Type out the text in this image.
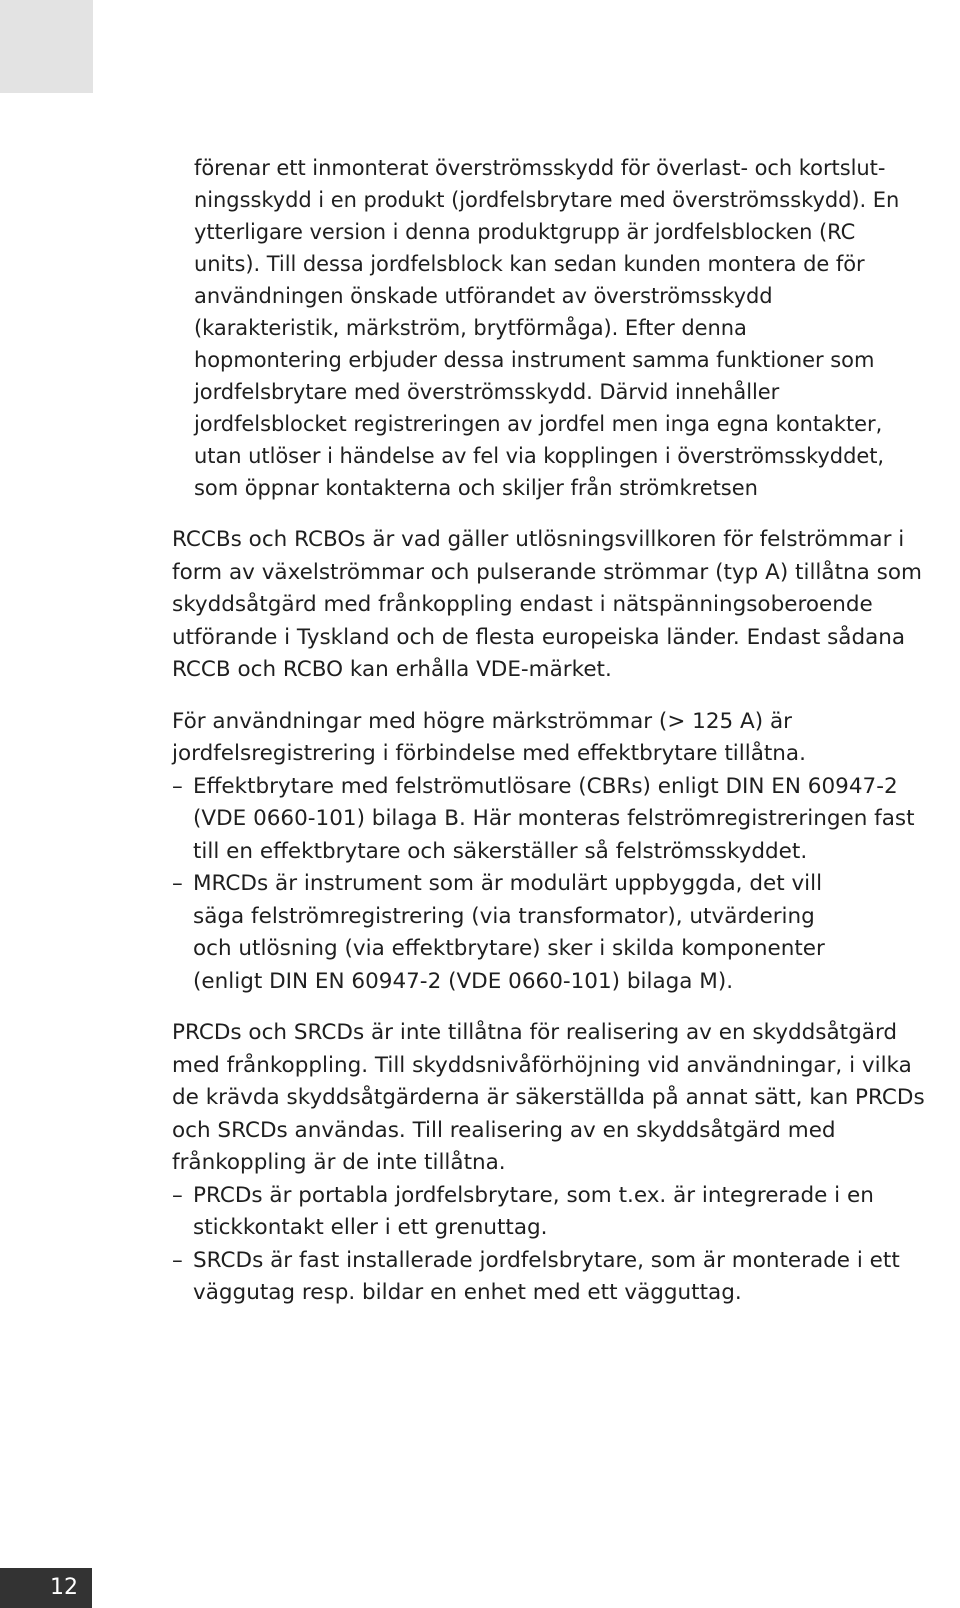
förenar ett inmonterat överströmsskydd för överlast- och kortslut-
ningsskydd i en produkt (jordfelsbrytare med överströmsskydd). En
ytterligare version i denna produktgrupp är jordfelsblocken (RC
units). Till dessa jordfelsblock kan sedan kunden montera de för
användningen önskade utförandet av överströmsskydd
(karakteristik, märkström, brytförmåga). Efter denna
hopmontering erbjuder dessa instrument samma funktioner som
jordfelsbrytare med överströmsskydd. Därvid innehåller
jordfelsblocket registreringen av jordfel men inga egna kontakter,
utan utlöser i händelse av fel via kopplingen i överströmsskyddet,
som öppnar kontakterna och skiljer från strömkretsen
RCCBs och RCBOs är vad gäller utlösningsvillkoren för felströmmar i
form av växelströmmar och pulserande strömmar (typ A) tillåtna som
skyddsåtgärd med frånkoppling endast i nätspänningsoberoende
utförande i Tyskland och de flesta europeiska länder. Endast sådana
RCCB och RCBO kan erhålla VDE-märket.
För användningar med högre märkströmmar (> 125 A) är
jordfelsregistrering i förbindelse med effektbrytare tillåtna.
– Effektbrytare med felströmutlösare (CBRs) enligt DIN EN 60947-2
(VDE 0660-101) bilaga B. Här monteras felströmregistreringen fast
till en effektbrytare och säkerställer så felströmsskyddet.
– MRCDs är instrument som är modulärt uppbyggda, det vill
säga felströmregistrering (via transformator), utvärdering
och utlösning (via effektbrytare) sker i skilda komponenter
(enligt DIN EN 60947-2 (VDE 0660-101) bilaga M).
PRCDs och SRCDs är inte tillåtna för realisering av en skyddsåtgärd
med frånkoppling. Till skyddsnivåförhöjning vid användningar, i vilka
de krävda skyddsåtgärderna är säkerställda på annat sätt, kan PRCDs
och SRCDs användas. Till realisering av en skyddsåtgärd med
frånkoppling är de inte tillåtna.
– PRCDs är portabla jordfelsbrytare, som t.ex. är integrerade i en
stickkontakt eller i ett grenuttag.
– SRCDs är fast installerade jordfelsbrytare, som är monterade i ett
väggutag resp. bildar en enhet med ett vägguttag.
12
